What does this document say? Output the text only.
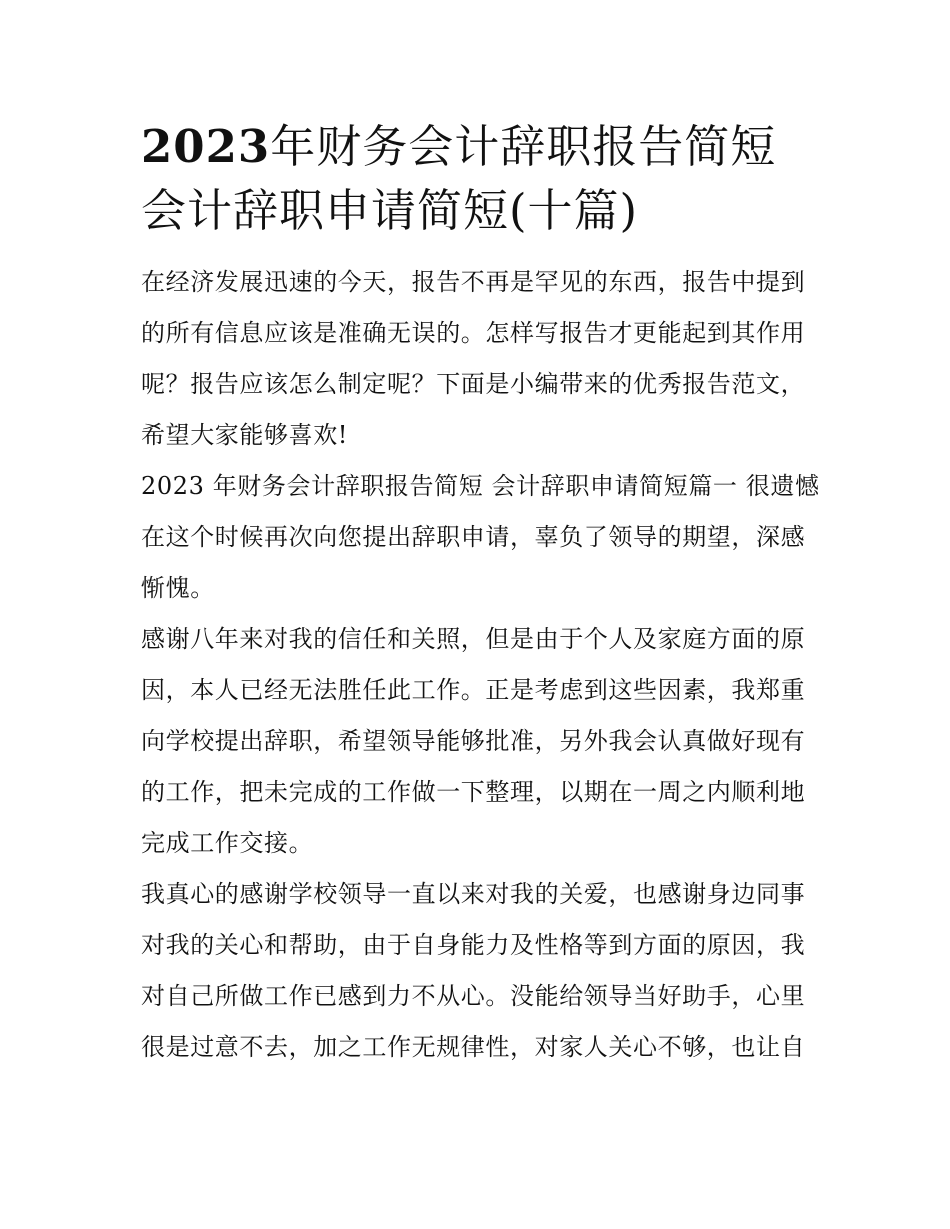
2023年财务会计辞职报告简短
会计辞职申请简短(十篇)

在经济发展迅速的今天，报告不再是罕见的东西，报告中提到
的所有信息应该是准确无误的。怎样写报告才更能起到其作用
呢？报告应该怎么制定呢？下面是小编带来的优秀报告范文，
希望大家能够喜欢!

2023 年财务会计辞职报告简短 会计辞职申请简短篇一 很遗憾
在这个时候再次向您提出辞职申请，辜负了领导的期望，深感
惭愧。

感谢八年来对我的信任和关照，但是由于个人及家庭方面的原
因，本人已经无法胜任此工作。正是考虑到这些因素，我郑重
向学校提出辞职，希望领导能够批准，另外我会认真做好现有
的工作，把未完成的工作做一下整理，以期在一周之内顺利地
完成工作交接。

我真心的感谢学校领导一直以来对我的关爱，也感谢身边同事
对我的关心和帮助，由于自身能力及性格等到方面的原因，我
对自己所做工作已感到力不从心。没能给领导当好助手，心里
很是过意不去，加之工作无规律性，对家人关心不够，也让自
